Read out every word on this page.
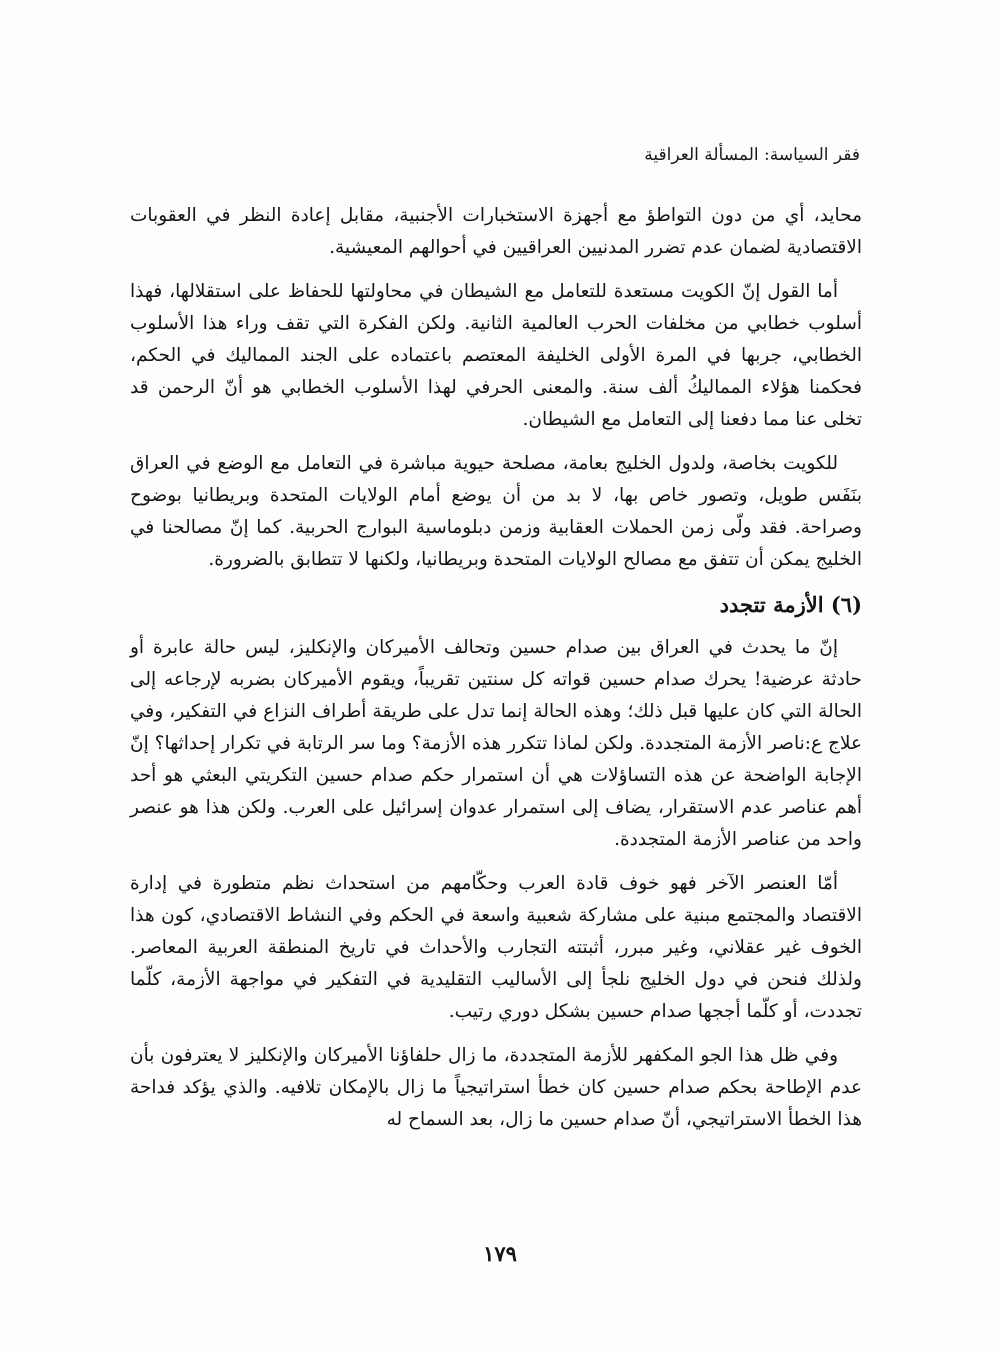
فقر السياسة: المسألة العراقية

محايد، أي من دون التواطؤ مع أجهزة الاستخبارات الأجنبية، مقابل إعادة النظر في العقوبات الاقتصادية لضمان عدم تضرر المدنيين العراقيين في أحوالهم المعيشية.

أما القول إنّ الكويت مستعدة للتعامل مع الشيطان في محاولتها للحفاظ على استقلالها، فهذا أسلوب خطابي من مخلفات الحرب العالمية الثانية. ولكن الفكرة التي تقف وراء هذا الأسلوب الخطابي، جربها في المرة الأولى الخليفة المعتصم باعتماده على الجند المماليك في الحكم، فحكمنا هؤلاء المماليكُ ألف سنة. والمعنى الحرفي لهذا الأسلوب الخطابي هو أنّ الرحمن قد تخلى عنا مما دفعنا إلى التعامل مع الشيطان.

للكويت بخاصة، ولدول الخليج بعامة، مصلحة حيوية مباشرة في التعامل مع الوضع في العراق بنَفَس طويل، وتصور خاص بها، لا بد من أن يوضع أمام الولايات المتحدة وبريطانيا بوضوح وصراحة. فقد ولّى زمن الحملات العقابية وزمن دبلوماسية البوارج الحربية. كما إنّ مصالحنا في الخليج يمكن أن تتفق مع مصالح الولايات المتحدة وبريطانيا، ولكنها لا تتطابق بالضرورة.

(٦) الأزمة تتجدد

إنّ ما يحدث في العراق بين صدام حسين وتحالف الأميركان والإنكليز، ليس حالة عابرة أو حادثة عرضية! يحرك صدام حسين قواته كل سنتين تقريباً، ويقوم الأميركان بضربه لإرجاعه إلى الحالة التي كان عليها قبل ذلك؛ وهذه الحالة إنما تدل على طريقة أطراف النزاع في التفكير، وفي علاج ع:ناصر الأزمة المتجددة. ولكن لماذا تتكرر هذه الأزمة؟ وما سر الرتابة في تكرار إحداثها؟ إنّ الإجابة الواضحة عن هذه التساؤلات هي أن استمرار حكم صدام حسين التكريتي البعثي هو أحد أهم عناصر عدم الاستقرار، يضاف إلى استمرار عدوان إسرائيل على العرب. ولكن هذا هو عنصر واحد من عناصر الأزمة المتجددة.

أمّا العنصر الآخر فهو خوف قادة العرب وحكّامهم من استحداث نظم متطورة في إدارة الاقتصاد والمجتمع مبنية على مشاركة شعبية واسعة في الحكم وفي النشاط الاقتصادي، كون هذا الخوف غير عقلاني، وغير مبرر، أثبتته التجارب والأحداث في تاريخ المنطقة العربية المعاصر. ولذلك فنحن في دول الخليج نلجأ إلى الأساليب التقليدية في التفكير في مواجهة الأزمة، كلّما تجددت، أو كلّما أججها صدام حسين بشكل دوري رتيب.

وفي ظل هذا الجو المكفهر للأزمة المتجددة، ما زال حلفاؤنا الأميركان والإنكليز لا يعترفون بأن عدم الإطاحة بحكم صدام حسين كان خطأ استراتيجياً ما زال بالإمكان تلافيه. والذي يؤكد فداحة هذا الخطأ الاستراتيجي، أنّ صدام حسين ما زال، بعد السماح له

١٧٩
